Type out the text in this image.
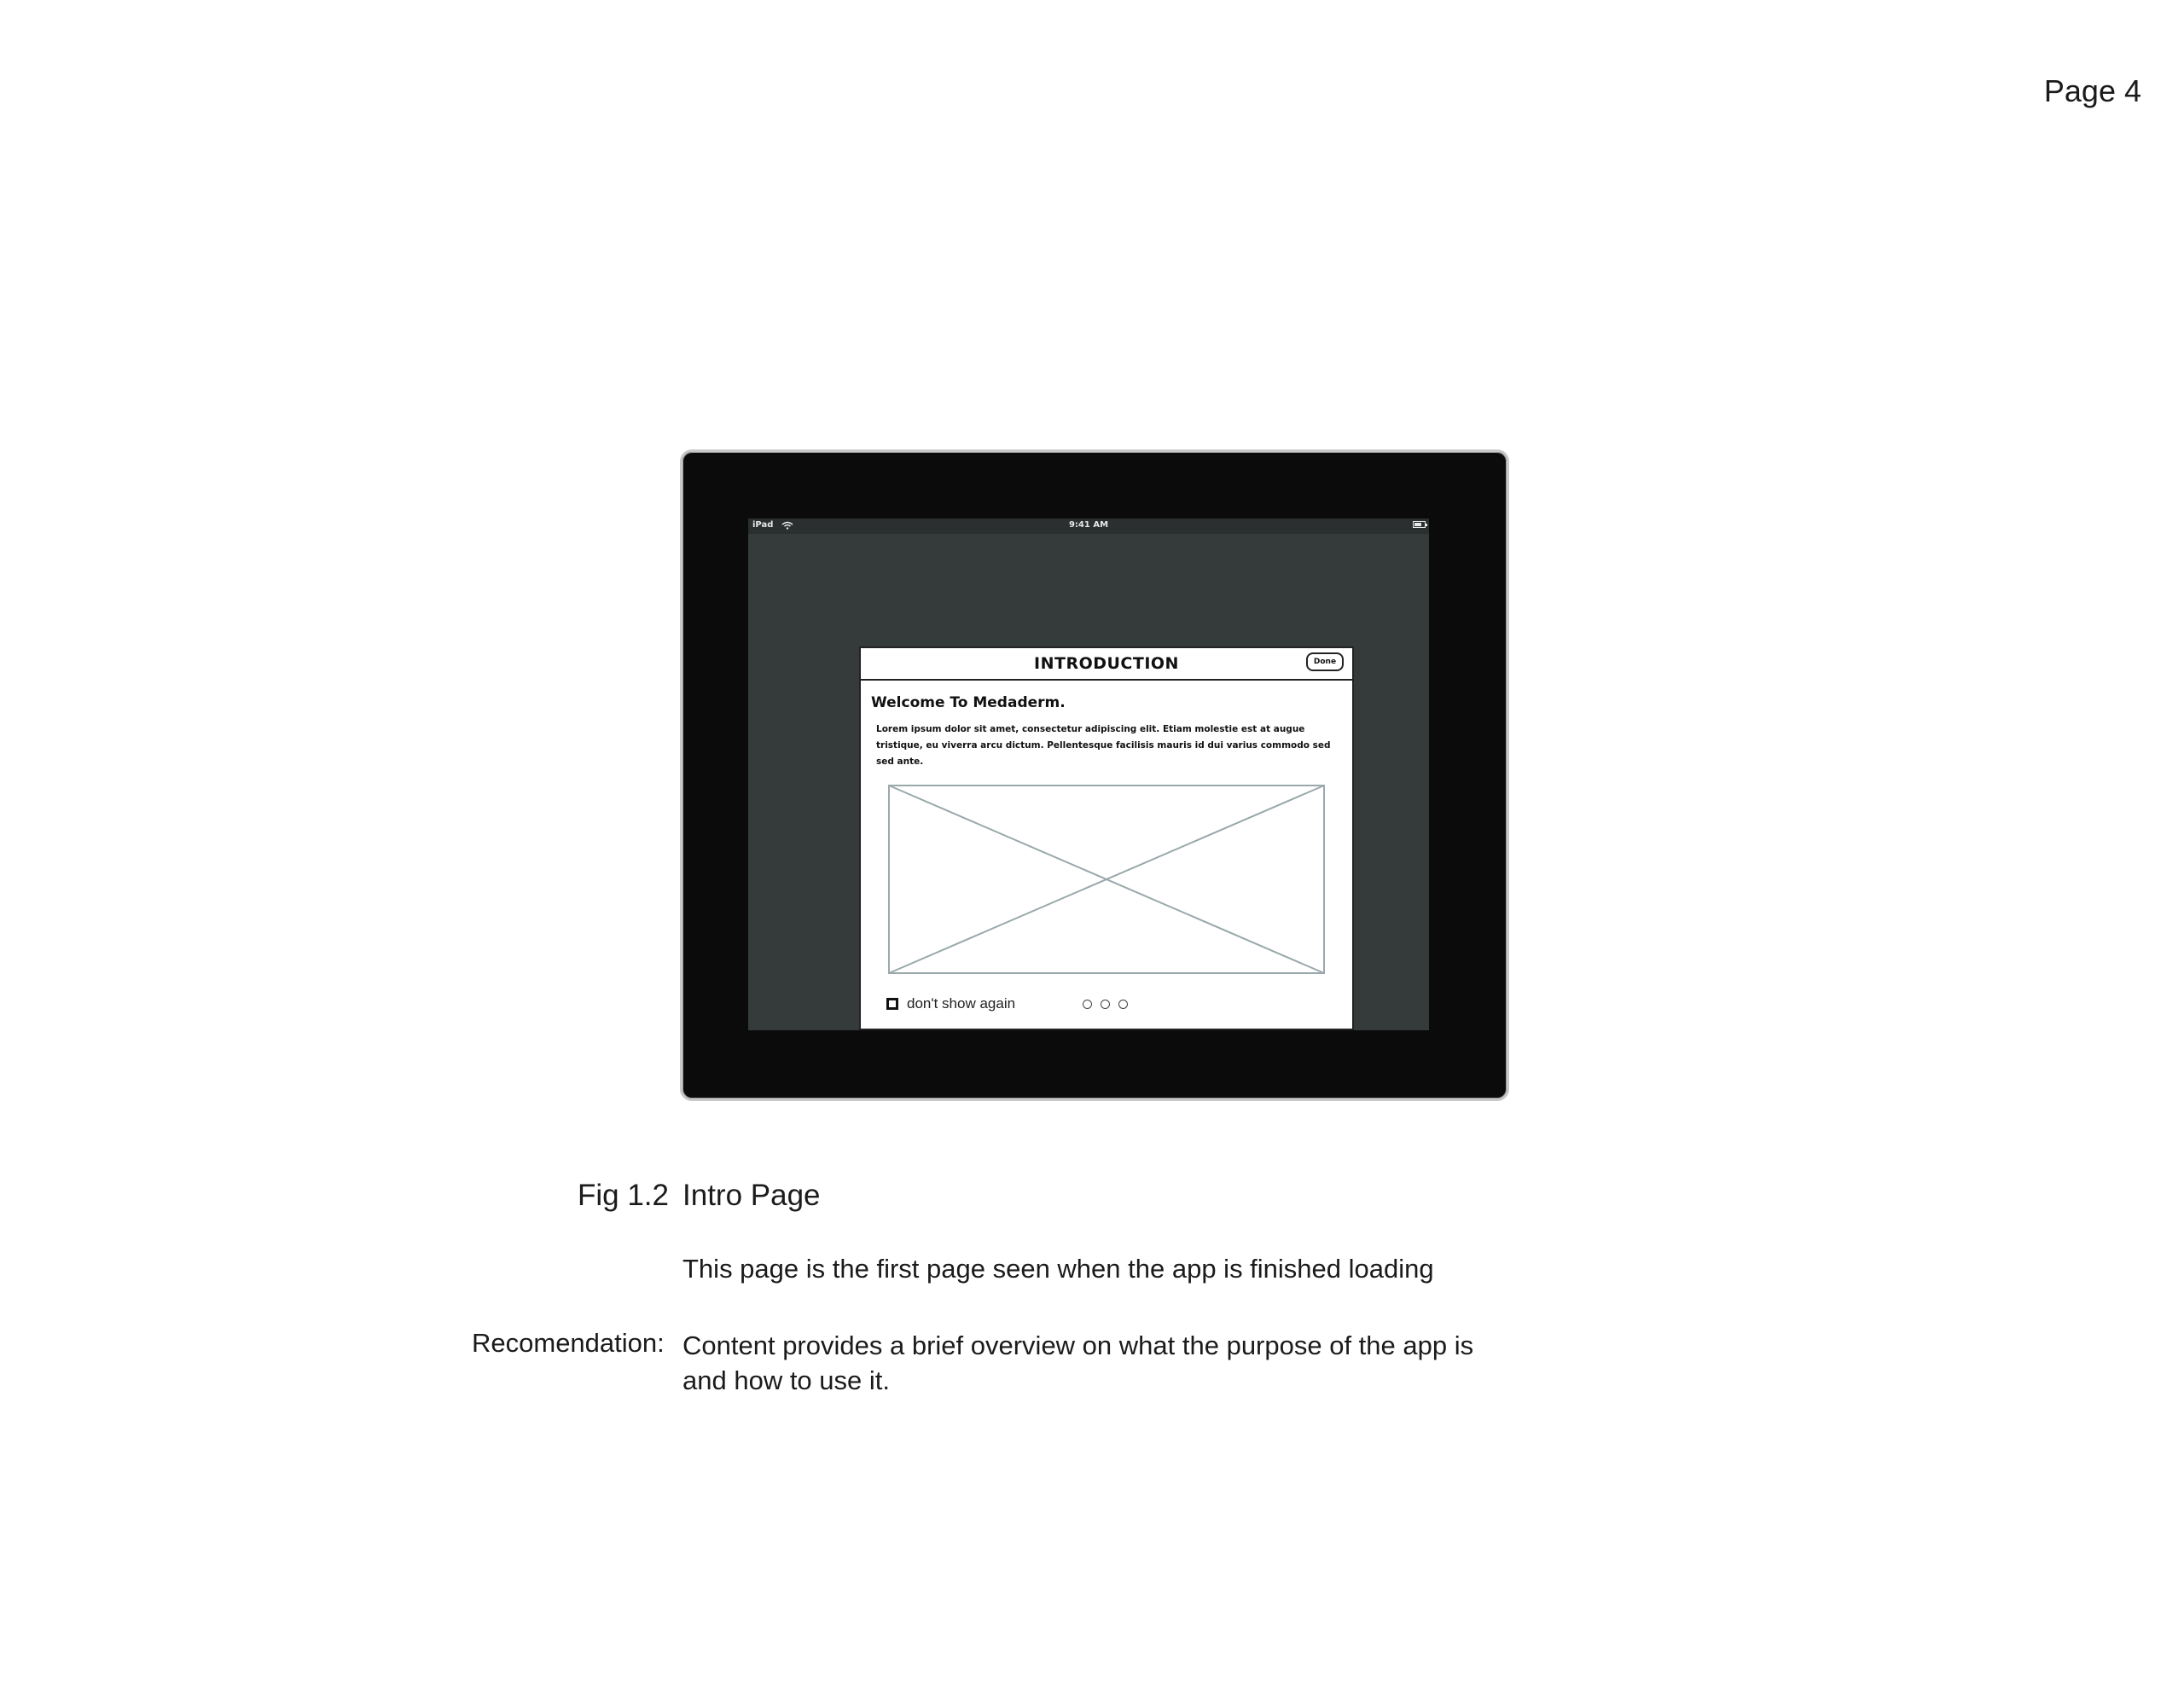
Page 4
iPad	9:41 AM
INTRODUCTION	Done
Welcome To Medaderm.
Lorem ipsum dolor sit amet, consectetur adipiscing elit. Etiam molestie est at augue tristique, eu viverra arcu dictum. Pellentesque facilisis mauris id dui varius commodo sed sed ante.
don't show again
Fig 1.2 Intro Page
This page is the first page seen when the app is finished loading
Recomendation: Content provides a brief overview on what the purpose of the app is and how to use it.
